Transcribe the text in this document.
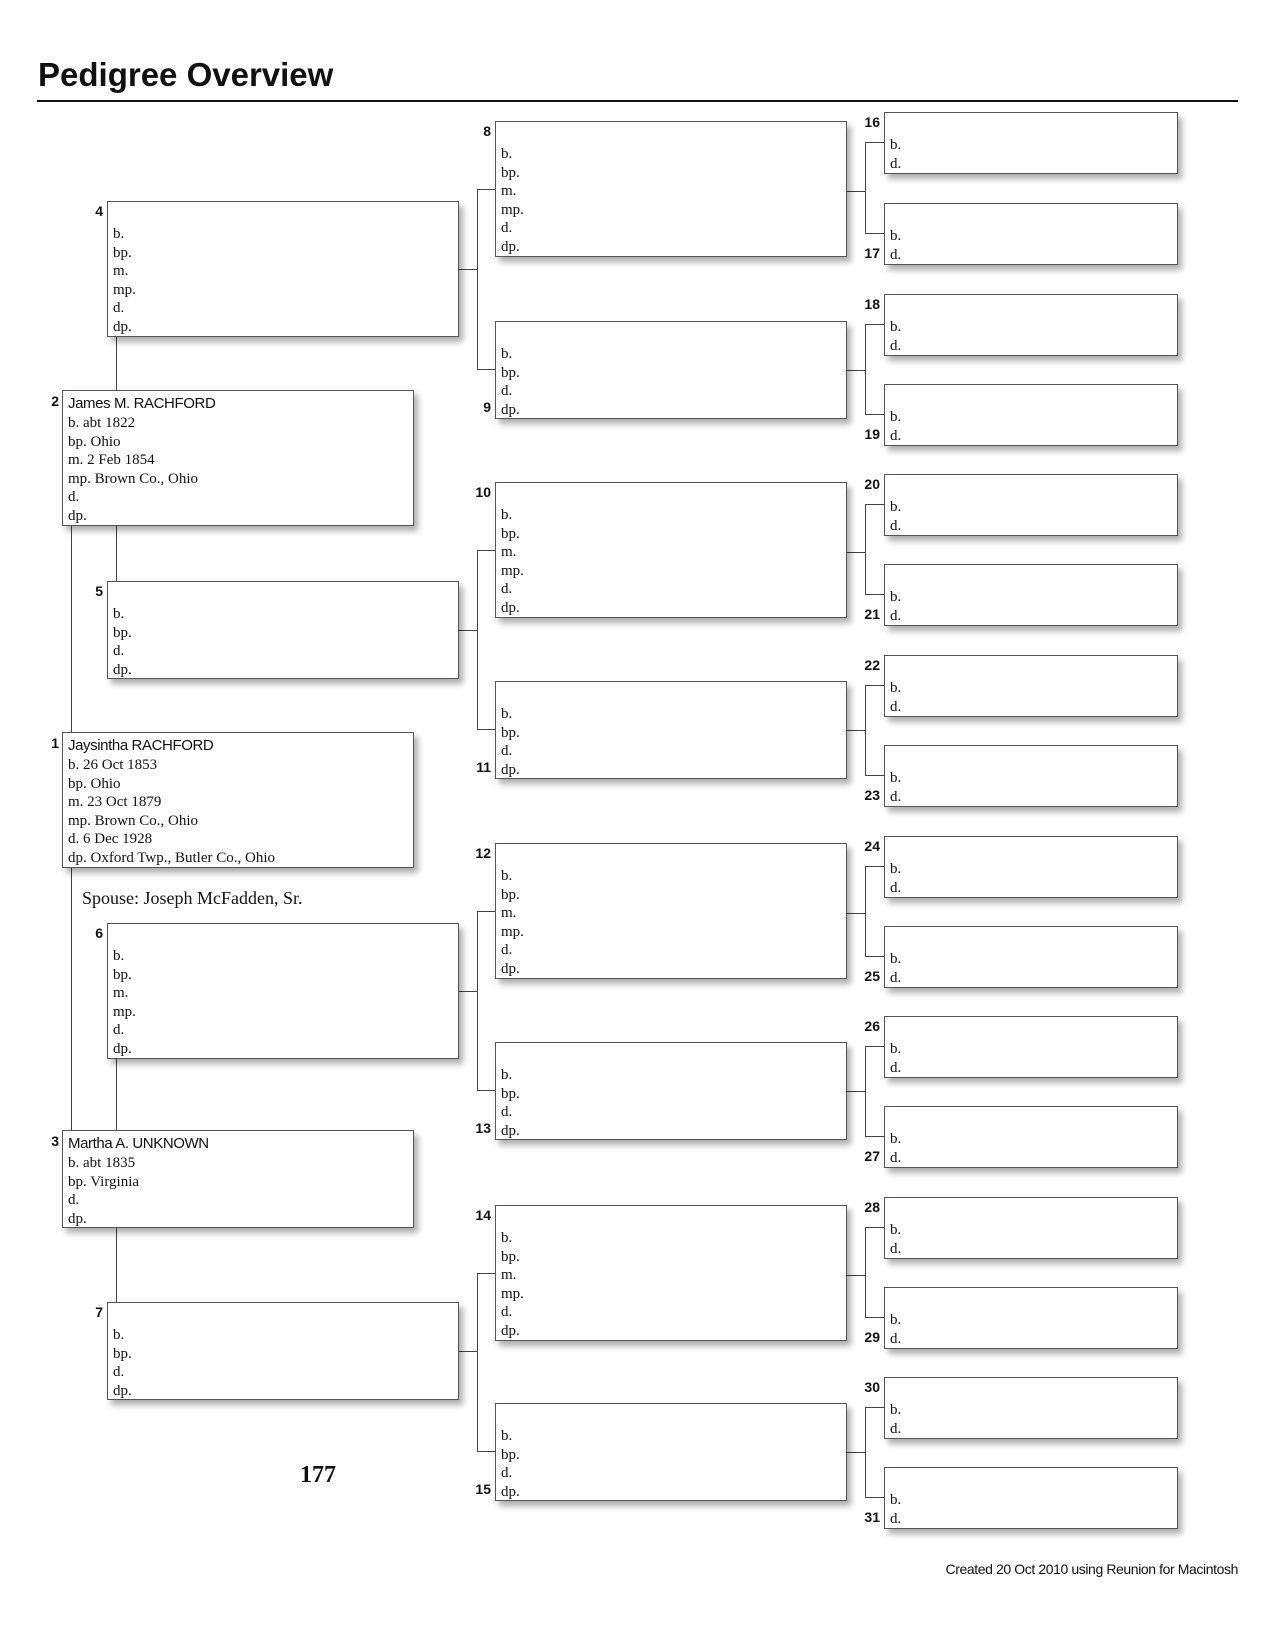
Pedigree Overview
Jaysintha RACHFORD
b. 26 Oct 1853
bp. Ohio
m. 23 Oct 1879
mp. Brown Co., Ohio
d. 6 Dec 1928
dp. Oxford Twp., Butler Co., Ohio
1
James M. RACHFORD
b. abt 1822
bp. Ohio
m. 2 Feb 1854
mp. Brown Co., Ohio
d.
dp.
2
Martha A. UNKNOWN
b. abt 1835
bp. Virginia
d.
dp.
3
b.
bp.
m.
mp.
d.
dp.
4
b.
bp.
d.
dp.
5
b.
bp.
m.
mp.
d.
dp.
6
b.
bp.
d.
dp.
7
b.
bp.
m.
mp.
d.
dp.
8
b.
bp.
d.
dp.
9
b.
bp.
m.
mp.
d.
dp.
10
b.
bp.
d.
dp.
11
b.
bp.
m.
mp.
d.
dp.
12
b.
bp.
d.
dp.
13
b.
bp.
m.
mp.
d.
dp.
14
b.
bp.
d.
dp.
15
b.
d.
16
b.
d.
17
b.
d.
18
b.
d.
19
b.
d.
20
b.
d.
21
b.
d.
22
b.
d.
23
b.
d.
24
b.
d.
25
b.
d.
26
b.
d.
27
b.
d.
28
b.
d.
29
b.
d.
30
b.
d.
31
Spouse: Joseph McFadden, Sr.
177
Created 20 Oct 2010 using Reunion for Macintosh
